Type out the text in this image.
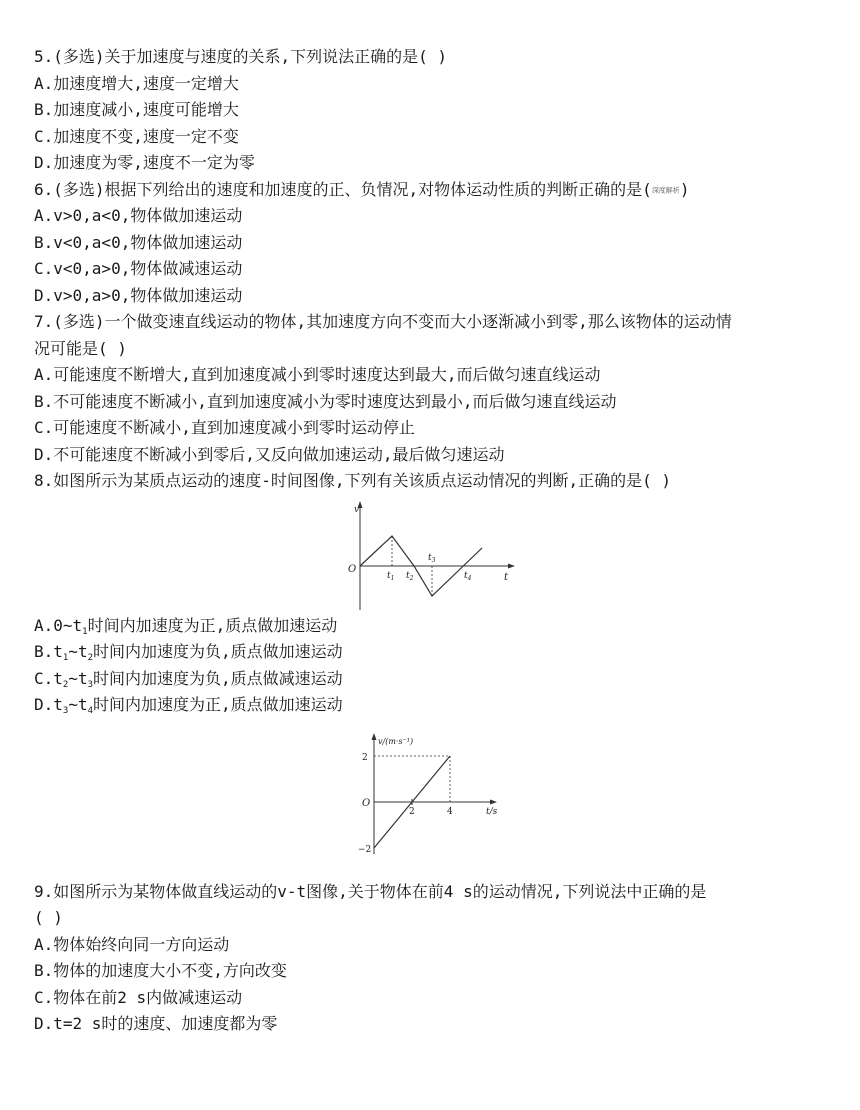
5.(多选)关于加速度与速度的关系,下列说法正确的是( )
A.加速度增大,速度一定增大
B.加速度减小,速度可能增大
C.加速度不变,速度一定不变
D.加速度为零,速度不一定为零
6.(多选)根据下列给出的速度和加速度的正、负情况,对物体运动性质的判断正确的是(深度解析)
A.v>0,a<0,物体做加速运动
B.v<0,a<0,物体做加速运动
C.v<0,a>0,物体做减速运动
D.v>0,a>0,物体做加速运动
7.(多选)一个做变速直线运动的物体,其加速度方向不变而大小逐渐减小到零,那么该物体的运动情
况可能是( )
A.可能速度不断增大,直到加速度减小到零时速度达到最大,而后做匀速直线运动
B.不可能速度不断减小,直到加速度减小为零时速度达到最小,而后做匀速直线运动
C.可能速度不断减小,直到加速度减小到零时运动停止
D.不可能速度不断减小到零后,又反向做加速运动,最后做匀速运动
8.如图所示为某质点运动的速度-时间图像,下列有关该质点运动情况的判断,正确的是( )
$A.0\sim t_1$时间内加速度为正,质点做加速运动
$B.t_1\sim t_2$时间内加速度为负,质点做加速运动
$C.t_2\sim t_3$时间内加速度为负,质点做减速运动
$D.t_3\sim t_4$时间内加速度为正,质点做加速运动
9.如图所示为某物体做直线运动的v-t图像,关于物体在前4 s的运动情况,下列说法中正确的是
( )
A.物体始终向同一方向运动
B.物体的加速度大小不变,方向改变
C.物体在前2 s内做减速运动
D.t=2 s时的速度、加速度都为零
v
O
t
$t_1$ $t_2$
$t_3$
$t_4$
v/(m·s⁻¹)
2
−2
O
2	4	t/s
